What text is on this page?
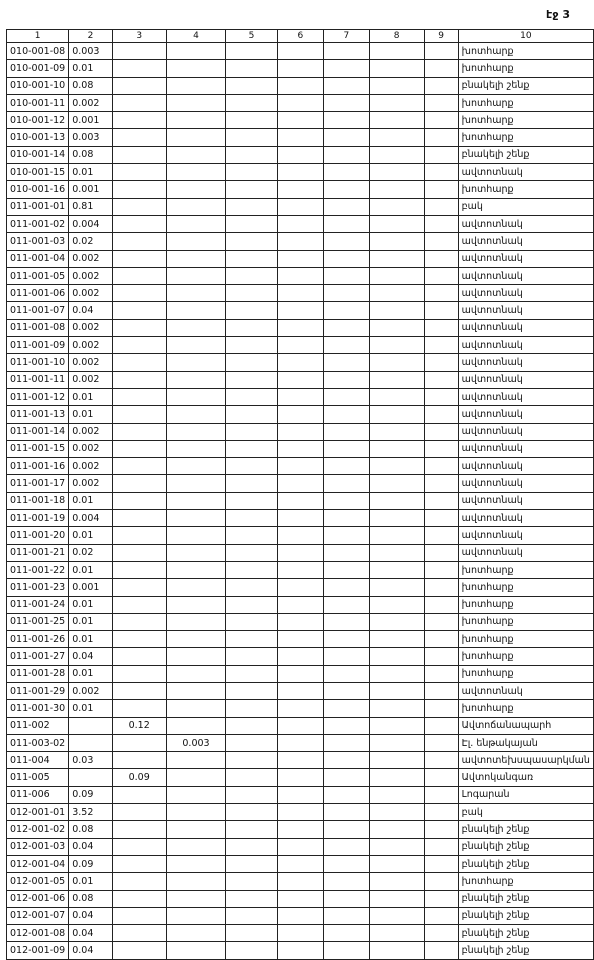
էջ 3
1	2	3	4	5	6	7	8	9	10
010-001-08	0.003								խոտհարք
010-001-09	0.01								խոտհարք
010-001-10	0.08								բնակելի շենք
010-001-11	0.002								խոտհարք
010-001-12	0.001								խոտհարք
010-001-13	0.003								խոտհարք
010-001-14	0.08								բնակելի շենք
010-001-15	0.01								ավտոտնակ
010-001-16	0.001								խոտհարք
011-001-01	0.81								բակ
011-001-02	0.004								ավտոտնակ
011-001-03	0.02								ավտոտնակ
011-001-04	0.002								ավտոտնակ
011-001-05	0.002								ավտոտնակ
011-001-06	0.002								ավտոտնակ
011-001-07	0.04								ավտոտնակ
011-001-08	0.002								ավտոտնակ
011-001-09	0.002								ավտոտնակ
011-001-10	0.002								ավտոտնակ
011-001-11	0.002								ավտոտնակ
011-001-12	0.01								ավտոտնակ
011-001-13	0.01								ավտոտնակ
011-001-14	0.002								ավտոտնակ
011-001-15	0.002								ավտոտնակ
011-001-16	0.002								ավտոտնակ
011-001-17	0.002								ավտոտնակ
011-001-18	0.01								ավտոտնակ
011-001-19	0.004								ավտոտնակ
011-001-20	0.01								ավտոտնակ
011-001-21	0.02								ավտոտնակ
011-001-22	0.01								խոտհարք
011-001-23	0.001								խոտհարք
011-001-24	0.01								խոտհարք
011-001-25	0.01								խոտհարք
011-001-26	0.01								խոտհարք
011-001-27	0.04								խոտհարք
011-001-28	0.01								խոտհարք
011-001-29	0.002								ավտոտնակ
011-001-30	0.01								խոտհարք
011-002		0.12							Ավտոճանապարհ
011-003-02			0.003						Էլ. ենթակայան
011-004	0.03								ավտոտեխսպասարկման
011-005		0.09							Ավտոկանգառ
011-006	0.09								Լոգարան
012-001-01	3.52								բակ
012-001-02	0.08								բնակելի շենք
012-001-03	0.04								բնակելի շենք
012-001-04	0.09								բնակելի շենք
012-001-05	0.01								խոտհարք
012-001-06	0.08								բնակելի շենք
012-001-07	0.04								բնակելի շենք
012-001-08	0.04								բնակելի շենք
012-001-09	0.04								բնակելի շենք
